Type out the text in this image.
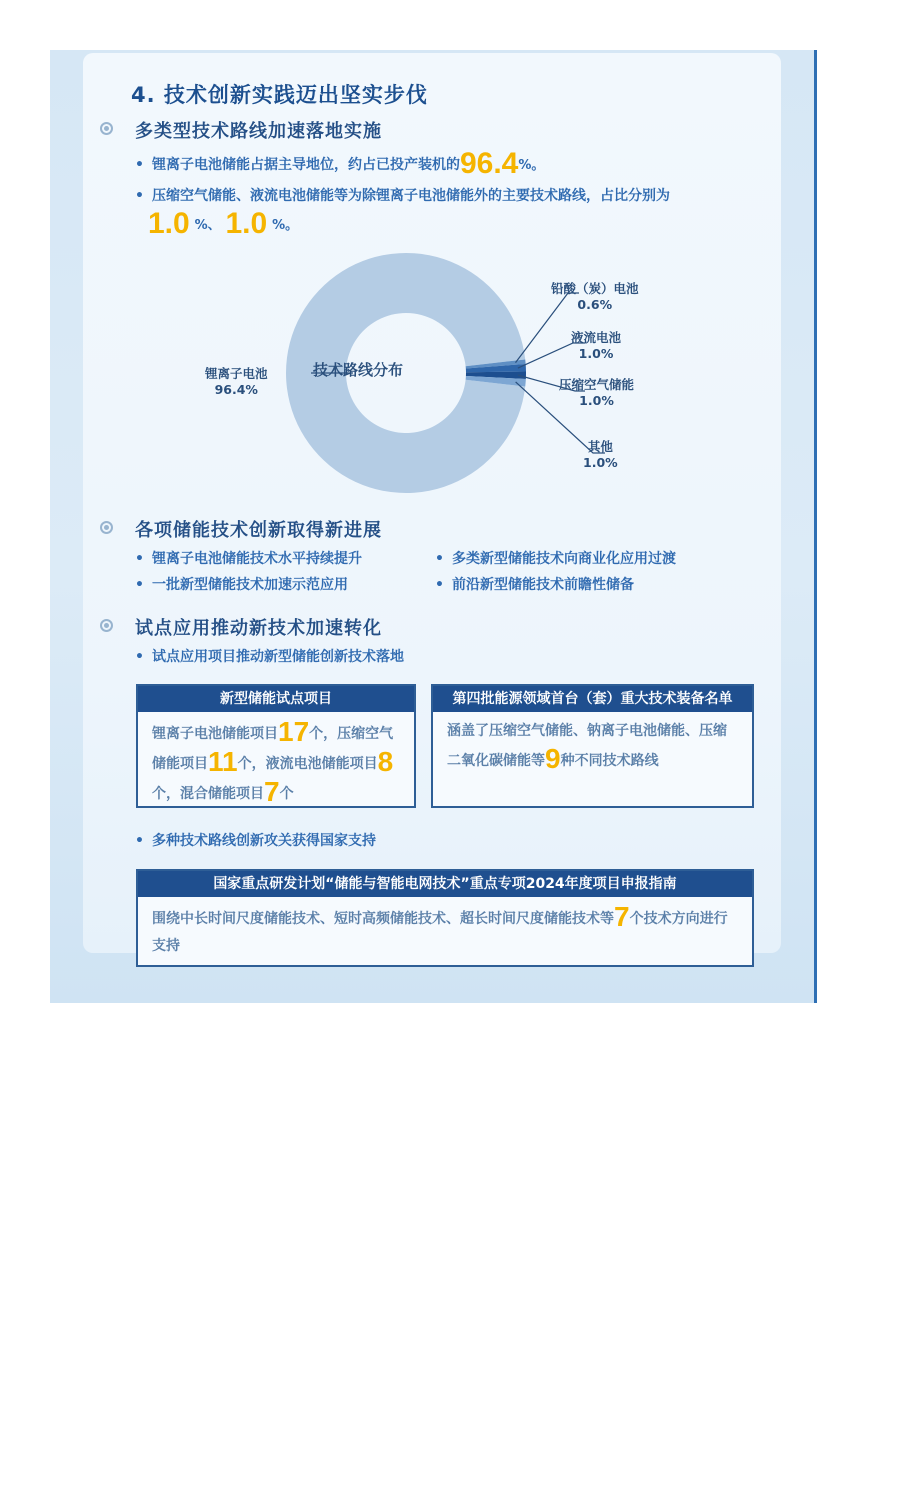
4. 技术创新实践迈出坚实步伐
多类型技术路线加速落地实施
• 锂离子电池储能占据主导地位，约占已投产装机的96.4%。
• 压缩空气储能、液流电池储能等为除锂离子电池储能外的主要技术路线，占比分别为
1.0 %、 1.0 %。
技术路线分布
锂离子电池
96.4%
铅酸（炭）电池
0.6%
液流电池
1.0%
压缩空气储能
1.0%
其他
1.0%
各项储能技术创新取得新进展
• 锂离子电池储能技术水平持续提升	• 多类新型储能技术向商业化应用过渡
• 一批新型储能技术加速示范应用	• 前沿新型储能技术前瞻性储备
试点应用推动新技术加速转化
• 试点应用项目推动新型储能创新技术落地
新型储能试点项目
锂离子电池储能项目17个，压缩空气储能项目11个，液流电池储能项目8个，混合储能项目7个
第四批能源领域首台（套）重大技术装备名单
涵盖了压缩空气储能、钠离子电池储能、压缩二氧化碳储能等9种不同技术路线
• 多种技术路线创新攻关获得国家支持
国家重点研发计划“储能与智能电网技术”重点专项2024年度项目申报指南
围绕中长时间尺度储能技术、短时高频储能技术、超长时间尺度储能技术等7个技术方向进行支持
